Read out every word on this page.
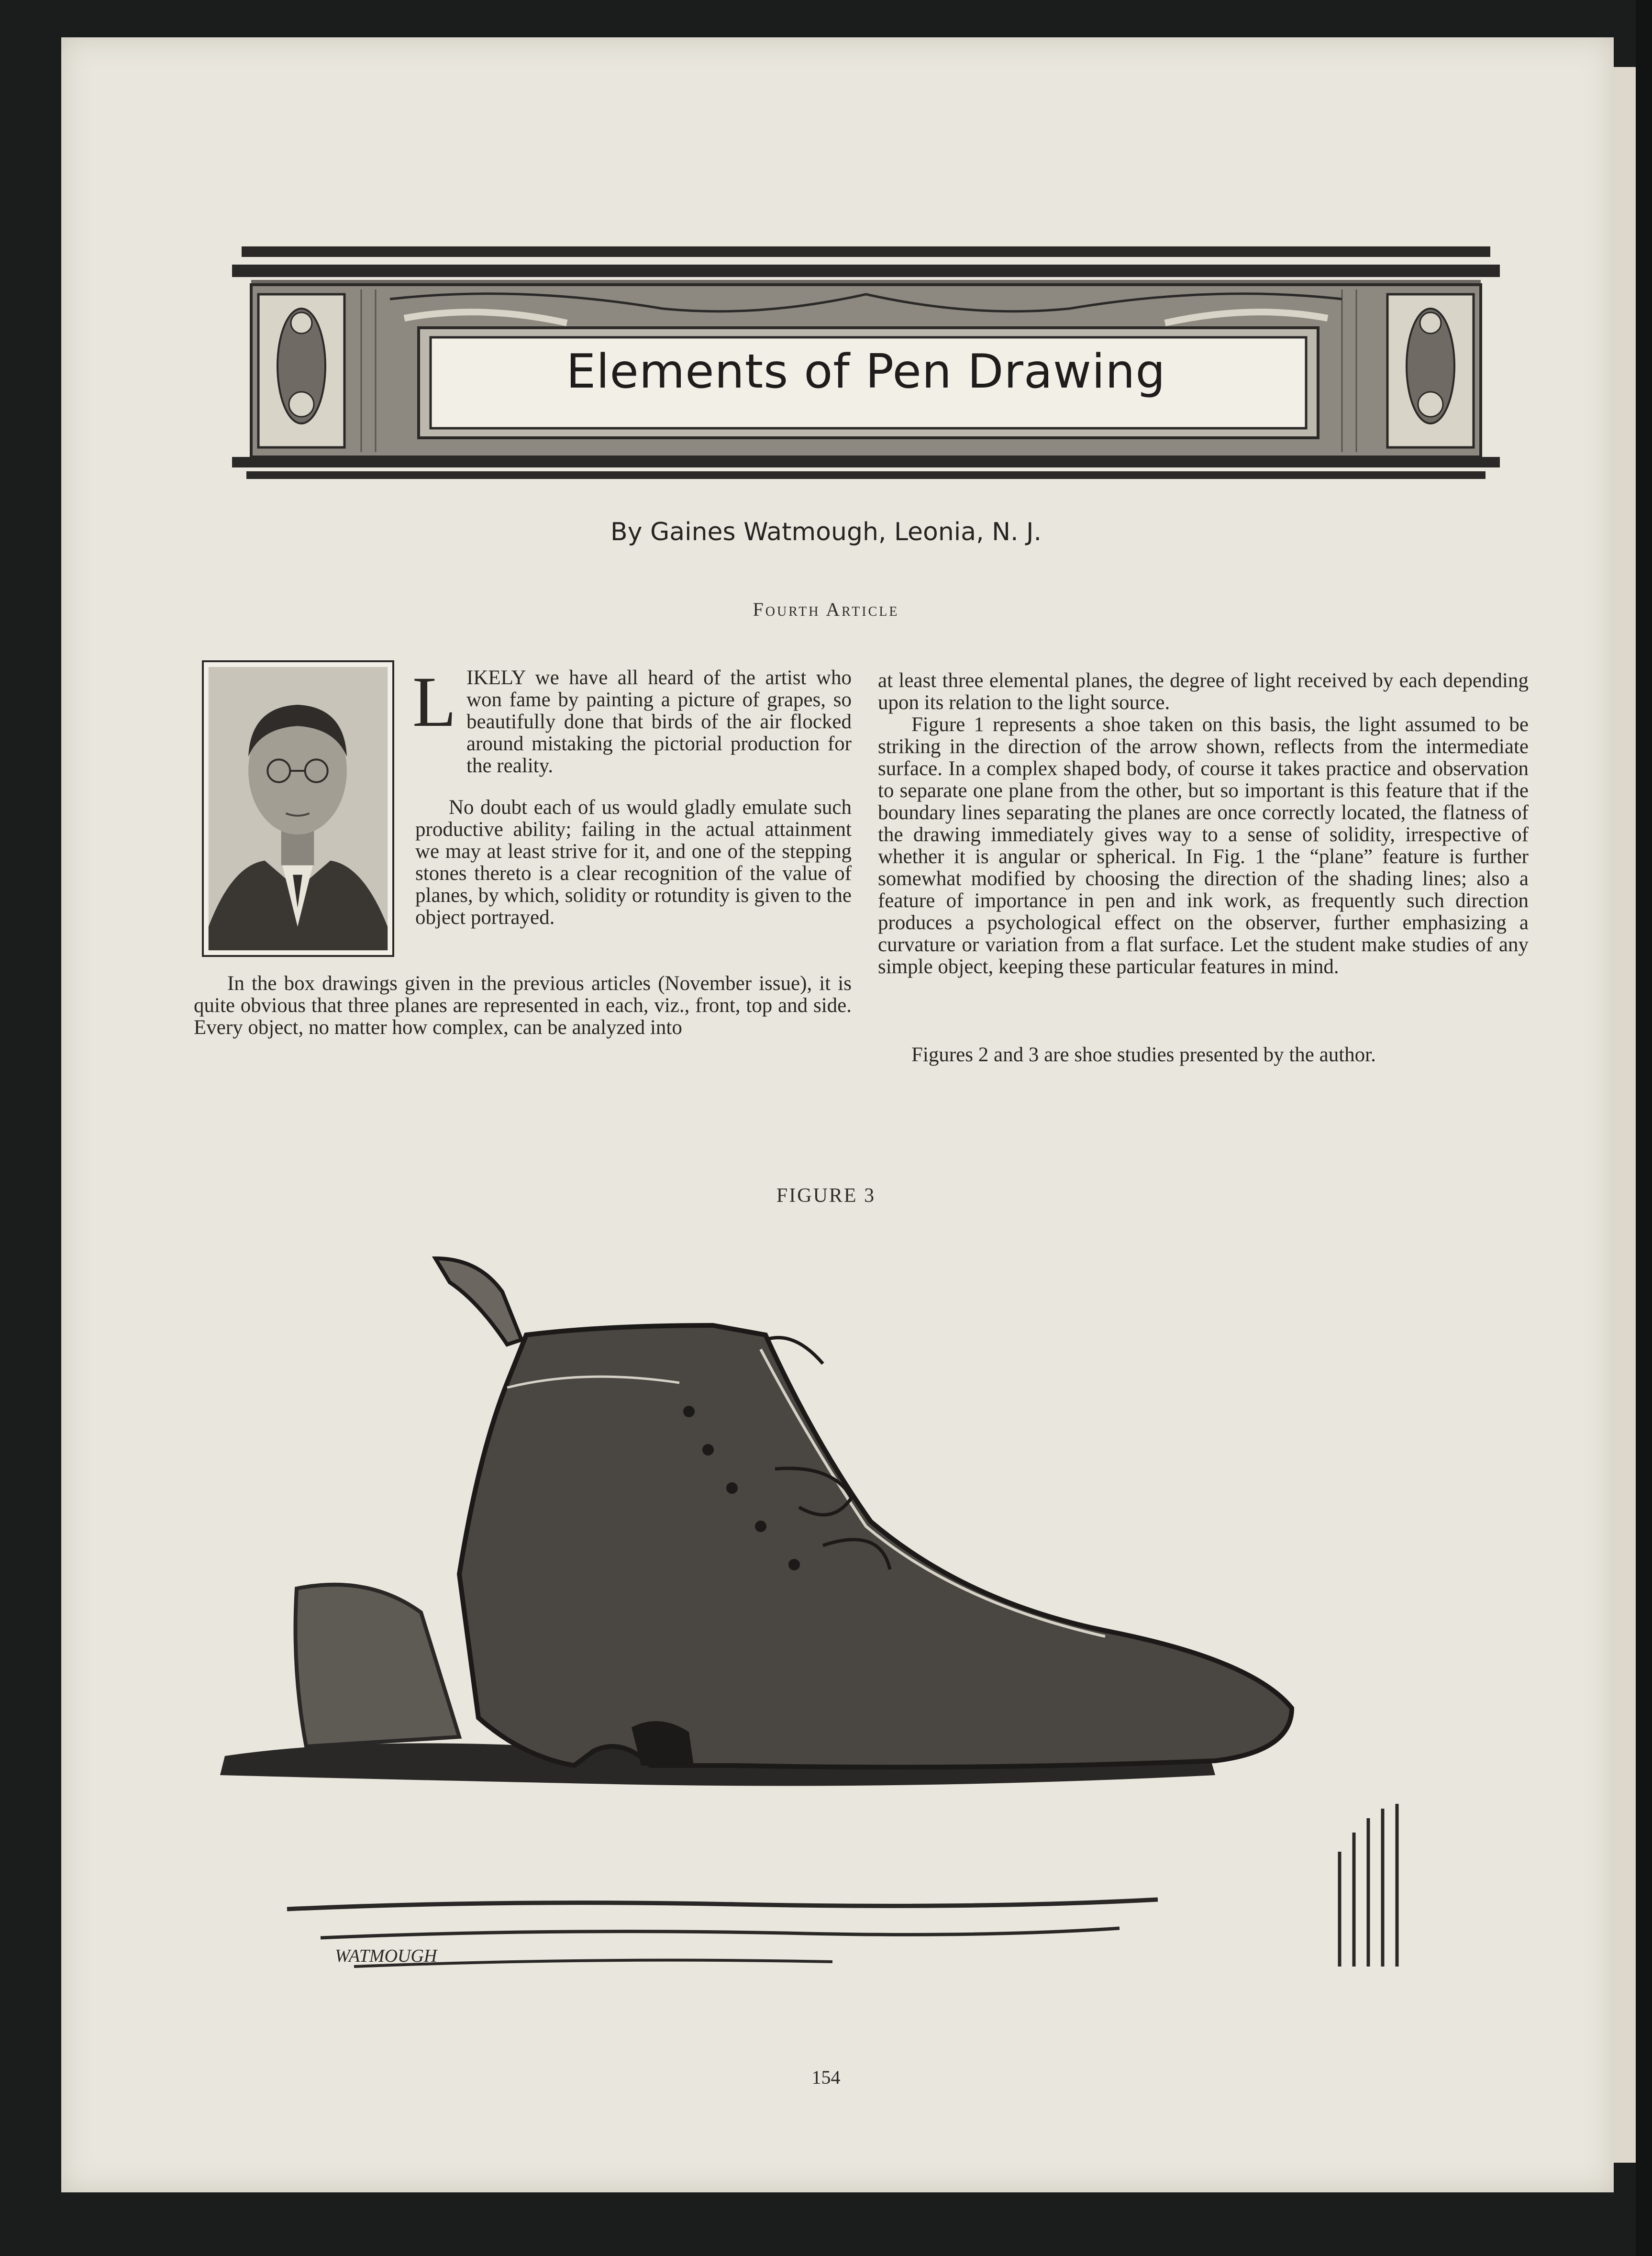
Elements of Pen Drawing
By Gaines Watmough, Leonia, N. J.
Fourth Article
L IKELY we have all heard of the artist who won fame by painting a picture of grapes, so beautifully done that birds of the air flocked around mistaking the pictorial production for the reality.

No doubt each of us would gladly emulate such productive ability; failing in the actual attainment we may at least strive for it, and one of the stepping stones thereto is a clear recognition of the value of planes, by which, solidity or rotundity is given to the object portrayed.

In the box drawings given in the previous articles (November issue), it is quite obvious that three planes are represented in each, viz., front, top and side. Every object, no matter how complex, can be analyzed into

at least three elemental planes, the degree of light received by each depending upon its relation to the light source.

Figure 1 represents a shoe taken on this basis, the light assumed to be striking in the direction of the arrow shown, reflects from the intermediate surface. In a complex shaped body, of course it takes practice and observation to separate one plane from the other, but so important is this feature that if the boundary lines separating the planes are once correctly located, the flatness of the drawing immediately gives way to a sense of solidity, irrespective of whether it is angular or spherical. In Fig. 1 the “plane” feature is further somewhat modified by choosing the direction of the shading lines; also a feature of importance in pen and ink work, as frequently such direction produces a psychological effect on the observer, further emphasizing a curvature or variation from a flat surface. Let the student make studies of any simple object, keeping these particular features in mind.

Figures 2 and 3 are shoe studies presented by the author.

FIGURE 3
WATMOUGH
154
